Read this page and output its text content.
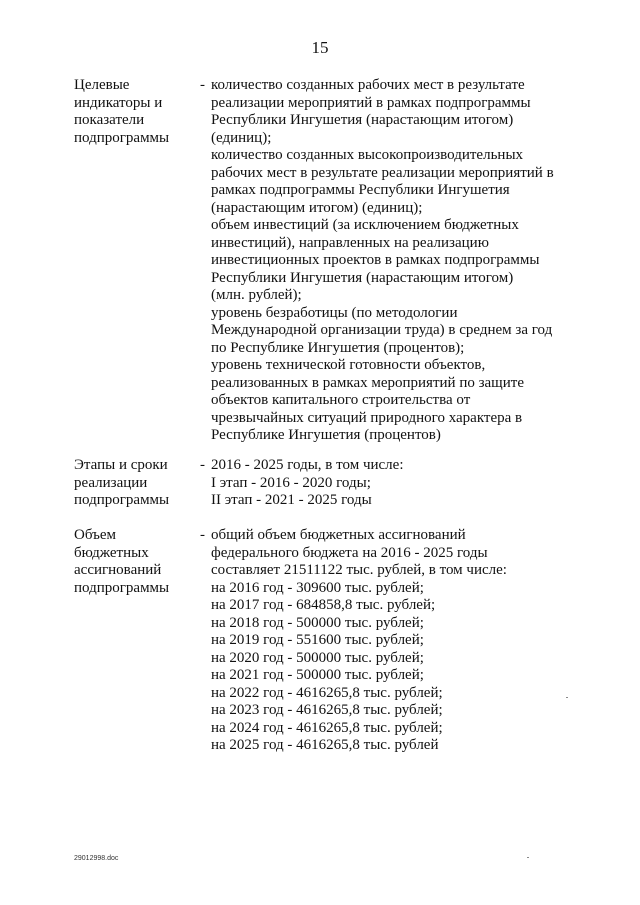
15
Целевые
индикаторы и
показатели
подпрограммы
- количество созданных рабочих мест в результате
реализации мероприятий в рамках подпрограммы
Республики Ингушетия (нарастающим итогом)
(единиц);
количество созданных высокопроизводительных
рабочих мест в результате реализации мероприятий в
рамках подпрограммы Республики Ингушетия
(нарастающим итогом) (единиц);
объем инвестиций (за исключением бюджетных
инвестиций), направленных на реализацию
инвестиционных проектов в рамках подпрограммы
Республики Ингушетия (нарастающим итогом)
(млн. рублей);
уровень безработицы (по методологии
Международной организации труда) в среднем за год
по Республике Ингушетия (процентов);
уровень технической готовности объектов,
реализованных в рамках мероприятий по защите
объектов капитального строительства от
чрезвычайных ситуаций природного характера в
Республике Ингушетия (процентов)
Этапы и сроки
реализации
подпрограммы
- 2016 - 2025 годы, в том числе:
I этап - 2016 - 2020 годы;
II этап - 2021 - 2025 годы
Объем
бюджетных
ассигнований
подпрограммы
- общий объем бюджетных ассигнований
федерального бюджета на 2016 - 2025 годы
составляет 21511122 тыс. рублей, в том числе:
на 2016 год - 309600 тыс. рублей;
на 2017 год - 684858,8 тыс. рублей;
на 2018 год - 500000 тыс. рублей;
на 2019 год - 551600 тыс. рублей;
на 2020 год - 500000 тыс. рублей;
на 2021 год - 500000 тыс. рублей;
на 2022 год - 4616265,8 тыс. рублей;
на 2023 год - 4616265,8 тыс. рублей;
на 2024 год - 4616265,8 тыс. рублей;
на 2025 год - 4616265,8 тыс. рублей
29012998.doc
